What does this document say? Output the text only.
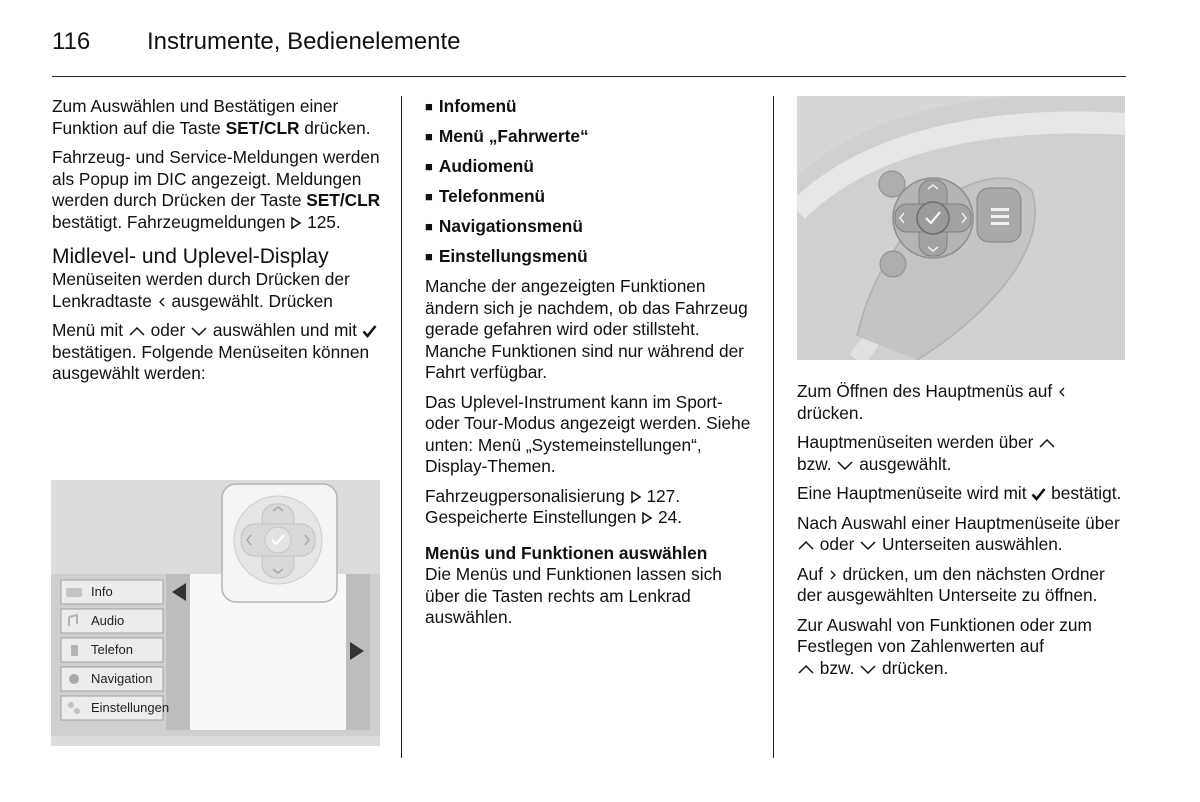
116 Instrumente, Bedienelemente

Zum Auswählen und Bestätigen einer Funktion auf die Taste SET/CLR drücken.

Fahrzeug- und Service-Meldungen werden als Popup im DIC angezeigt. Meldungen werden durch Drücken der Taste SET/CLR bestätigt. Fahrzeugmeldungen  125.

Midlevel- und Uplevel-Display

Menüseiten werden durch Drücken der Lenkradtaste  ausgewählt. Drücken

Menü mit  oder  auswählen und mit  bestätigen. Folgende Menüseiten können ausgewählt werden:

Info
Audio
Telefon
Navigation
Einstellungen
■ Infomenü
■ Menü „Fahrwerte“
■ Audiomenü
■ Telefonmenü
■ Navigationsmenü
■ Einstellungsmenü

Manche der angezeigten Funktionen ändern sich je nachdem, ob das Fahrzeug gerade gefahren wird oder stillsteht. Manche Funktionen sind nur während der Fahrt verfügbar.

Das Uplevel-Instrument kann im Sport- oder Tour-Modus angezeigt werden. Siehe unten: Menü „Systemeinstellungen“, Display-Themen.

Fahrzeugpersonalisierung  127.
Gespeicherte Einstellungen  24.

Menüs und Funktionen auswählen

Die Menüs und Funktionen lassen sich über die Tasten rechts am Lenkrad auswählen.

Zum Öffnen des Hauptmenüs auf  drücken.

Hauptmenüseiten werden über
bzw.  ausgewählt.

Eine Hauptmenüseite wird mit  bestätigt.

Nach Auswahl einer Hauptmenüseite über  oder  Unterseiten auswählen.

Auf  drücken, um den nächsten Ordner der ausgewählten Unterseite zu öffnen.

Zur Auswahl von Funktionen oder zum Festlegen von Zahlenwerten auf
bzw.  drücken.
